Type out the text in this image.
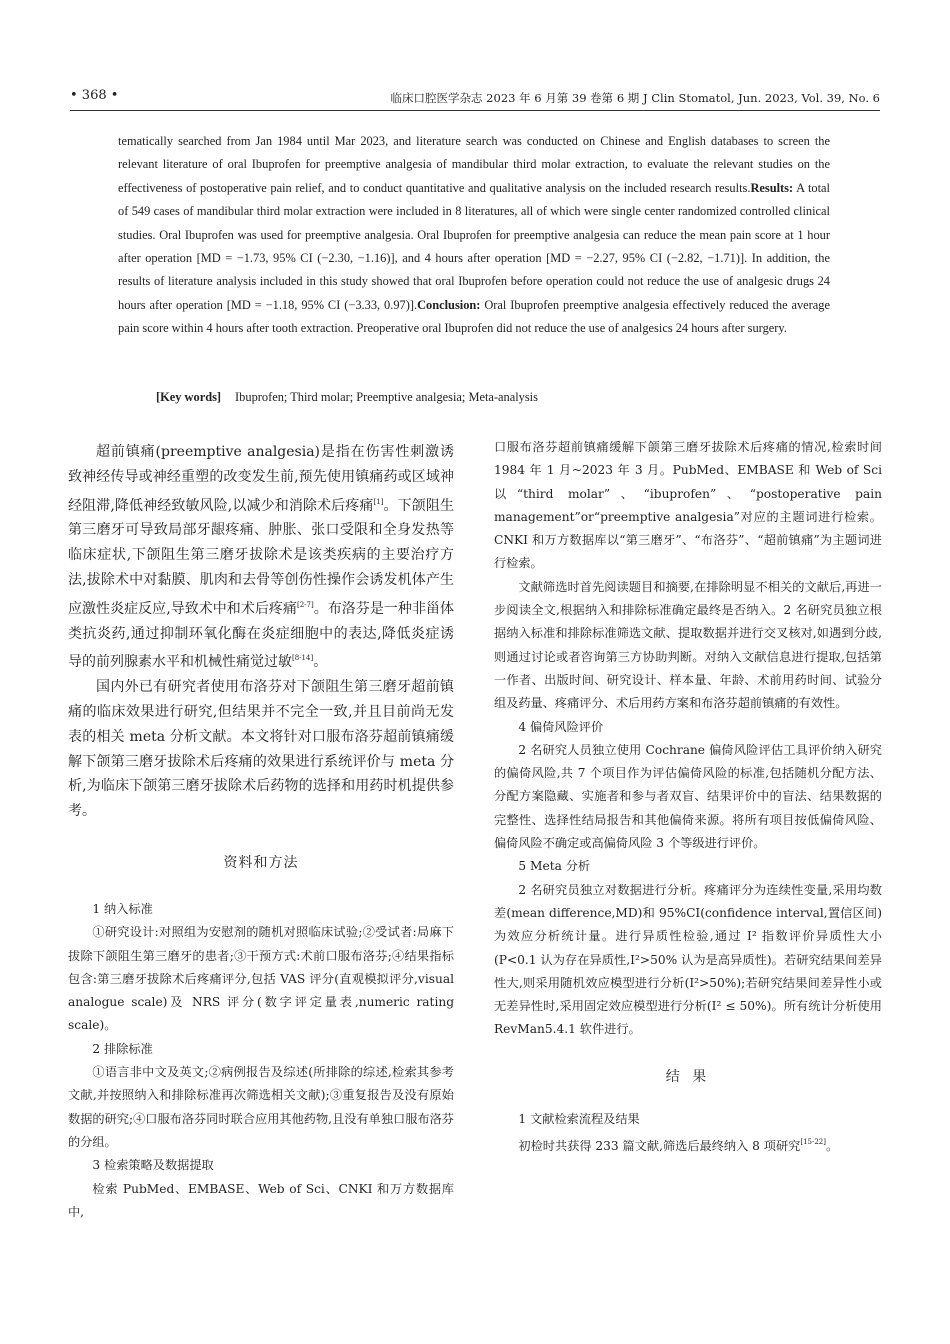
• 368 •	临床口腔医学杂志 2023 年 6 月第 39 卷第 6 期 J Clin Stomatol, Jun. 2023, Vol. 39, No. 6

tematically searched from Jan 1984 until Mar 2023, and literature search was conducted on Chinese and English databases to screen the relevant literature of oral Ibuprofen for preemptive analgesia of mandibular third molar extraction, to evaluate the relevant studies on the effectiveness of postoperative pain relief, and to conduct quantitative and qualitative analysis on the included research results.Results: A total of 549 cases of mandibular third molar extraction were included in 8 literatures, all of which were single center randomized controlled clinical studies. Oral Ibuprofen was used for preemptive analgesia. Oral Ibuprofen for preemptive analgesia can reduce the mean pain score at 1 hour after operation [MD = −1.73, 95% CI (−2.30, −1.16)], and 4 hours after operation [MD = −2.27, 95% CI (−2.82, −1.71)]. In addition, the results of literature analysis included in this study showed that oral Ibuprofen before operation could not reduce the use of analgesic drugs 24 hours after operation [MD = −1.18, 95% CI (−3.33, 0.97)].Conclusion: Oral Ibuprofen preemptive analgesia effectively reduced the average pain score within 4 hours after tooth extraction. Preoperative oral Ibuprofen did not reduce the use of analgesics 24 hours after surgery.

[Key words] Ibuprofen; Third molar; Preemptive analgesia; Meta-analysis

超前镇痛(preemptive analgesia)是指在伤害性刺激诱致神经传导或神经重塑的改变发生前,预先使用镇痛药或区域神经阻滞,降低神经致敏风险,以减少和消除术后疼痛[1]。下颌阻生第三磨牙可导致局部牙龈疼痛、肿胀、张口受限和全身发热等临床症状,下颌阻生第三磨牙拔除术是该类疾病的主要治疗方法,拔除术中对黏膜、肌肉和去骨等创伤性操作会诱发机体产生应激性炎症反应,导致术中和术后疼痛[2-7]。布洛芬是一种非甾体类抗炎药,通过抑制环氧化酶在炎症细胞中的表达,降低炎症诱导的前列腺素水平和机械性痛觉过敏[8-14]。

国内外已有研究者使用布洛芬对下颌阻生第三磨牙超前镇痛的临床效果进行研究,但结果并不完全一致,并且目前尚无发表的相关 meta 分析文献。本文将针对口服布洛芬超前镇痛缓解下颌第三磨牙拔除术后疼痛的效果进行系统评价与 meta 分析,为临床下颌第三磨牙拔除术后药物的选择和用药时机提供参考。

资料和方法

1 纳入标准

①研究设计:对照组为安慰剂的随机对照临床试验;②受试者:局麻下拔除下颌阻生第三磨牙的患者;③干预方式:术前口服布洛芬;④结果指标包含:第三磨牙拔除术后疼痛评分,包括 VAS 评分(直观模拟评分,visual analogue scale)及 NRS 评分(数字评定量表,numeric rating scale)。

2 排除标准

①语言非中文及英文;②病例报告及综述(所排除的综述,检索其参考文献,并按照纳入和排除标准再次筛选相关文献);③重复报告及没有原始数据的研究;④口服布洛芬同时联合应用其他药物,且没有单独口服布洛芬的分组。

3 检索策略及数据提取

检索 PubMed、EMBASE、Web of Sci、CNKI 和万方数据库中,

口服布洛芬超前镇痛缓解下颌第三磨牙拔除术后疼痛的情况,检索时间 1984 年 1 月~2023 年 3 月。PubMed、EMBASE 和 Web of Sci 以“third molar”、“ibuprofen”、“postoperative pain management”or“preemptive analgesia”对应的主题词进行检索。CNKI 和万方数据库以“第三磨牙”、“布洛芬”、“超前镇痛”为主题词进行检索。

文献筛选时首先阅读题目和摘要,在排除明显不相关的文献后,再进一步阅读全文,根据纳入和排除标准确定最终是否纳入。2 名研究员独立根据纳入标准和排除标准筛选文献、提取数据并进行交叉核对,如遇到分歧,则通过讨论或者咨询第三方协助判断。对纳入文献信息进行提取,包括第一作者、出版时间、研究设计、样本量、年龄、术前用药时间、试验分组及药量、疼痛评分、术后用药方案和布洛芬超前镇痛的有效性。

4 偏倚风险评价

2 名研究人员独立使用 Cochrane 偏倚风险评估工具评价纳入研究的偏倚风险,共 7 个项目作为评估偏倚风险的标准,包括随机分配方法、分配方案隐藏、实施者和参与者双盲、结果评价中的盲法、结果数据的完整性、选择性结局报告和其他偏倚来源。将所有项目按低偏倚风险、偏倚风险不确定或高偏倚风险 3 个等级进行评价。

5 Meta 分析

2 名研究员独立对数据进行分析。疼痛评分为连续性变量,采用均数差(mean difference,MD)和 95%CI(confidence interval,置信区间)为效应分析统计量。进行异质性检验,通过 I² 指数评价异质性大小(P<0.1 认为存在异质性,I²>50% 认为是高异质性)。若研究结果间差异性大,则采用随机效应模型进行分析(I²>50%);若研究结果间差异性小或无差异性时,采用固定效应模型进行分析(I² ≤ 50%)。所有统计分析使用 RevMan5.4.1 软件进行。

结 果

1 文献检索流程及结果

初检时共获得 233 篇文献,筛选后最终纳入 8 项研究[15-22]。
